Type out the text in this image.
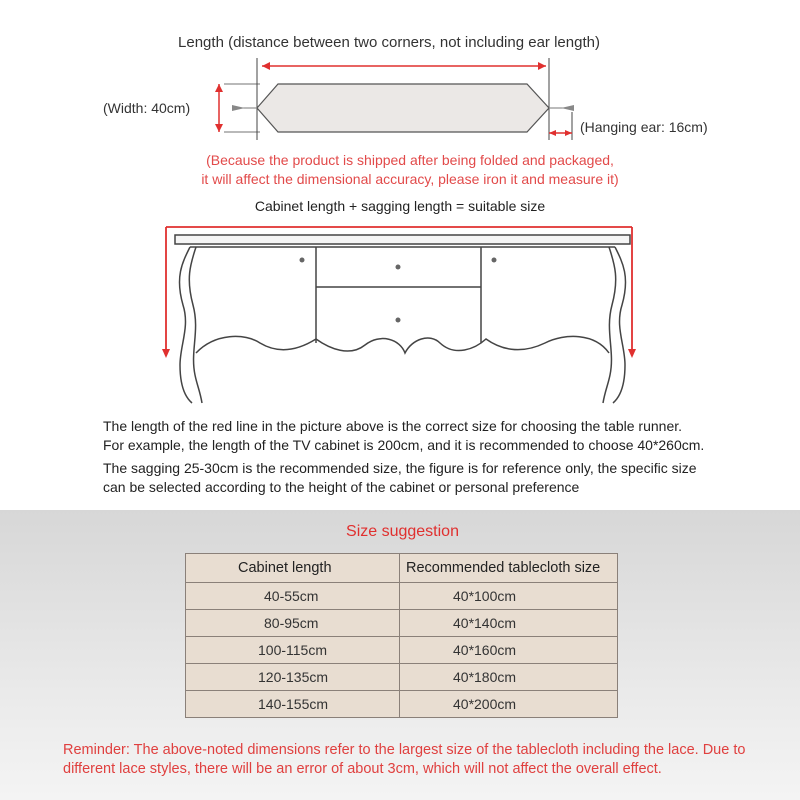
Length (distance between two corners, not including ear length)
(Width: 40cm)
(Hanging ear: 16cm)
(Because the product is shipped after being folded and packaged,
it will affect the dimensional accuracy, please iron it and measure it)
Cabinet length + sagging length = suitable size
The length of the red line in the picture above is the correct size for choosing the table runner.
For example, the length of the TV cabinet is 200cm, and it is recommended to choose 40*260cm.
The sagging 25-30cm is the recommended size, the figure is for reference only, the specific size
can be selected according to the height of the cabinet or personal preference
Size suggestion
Cabinet length	Recommended tablecloth size
40-55cm	40*100cm
80-95cm	40*140cm
100-115cm	40*160cm
120-135cm	40*180cm
140-155cm	40*200cm
Reminder: The above-noted dimensions refer to the largest size of the tablecloth including the lace. Due to different lace styles, there will be an error of about 3cm, which will not affect the overall effect.
